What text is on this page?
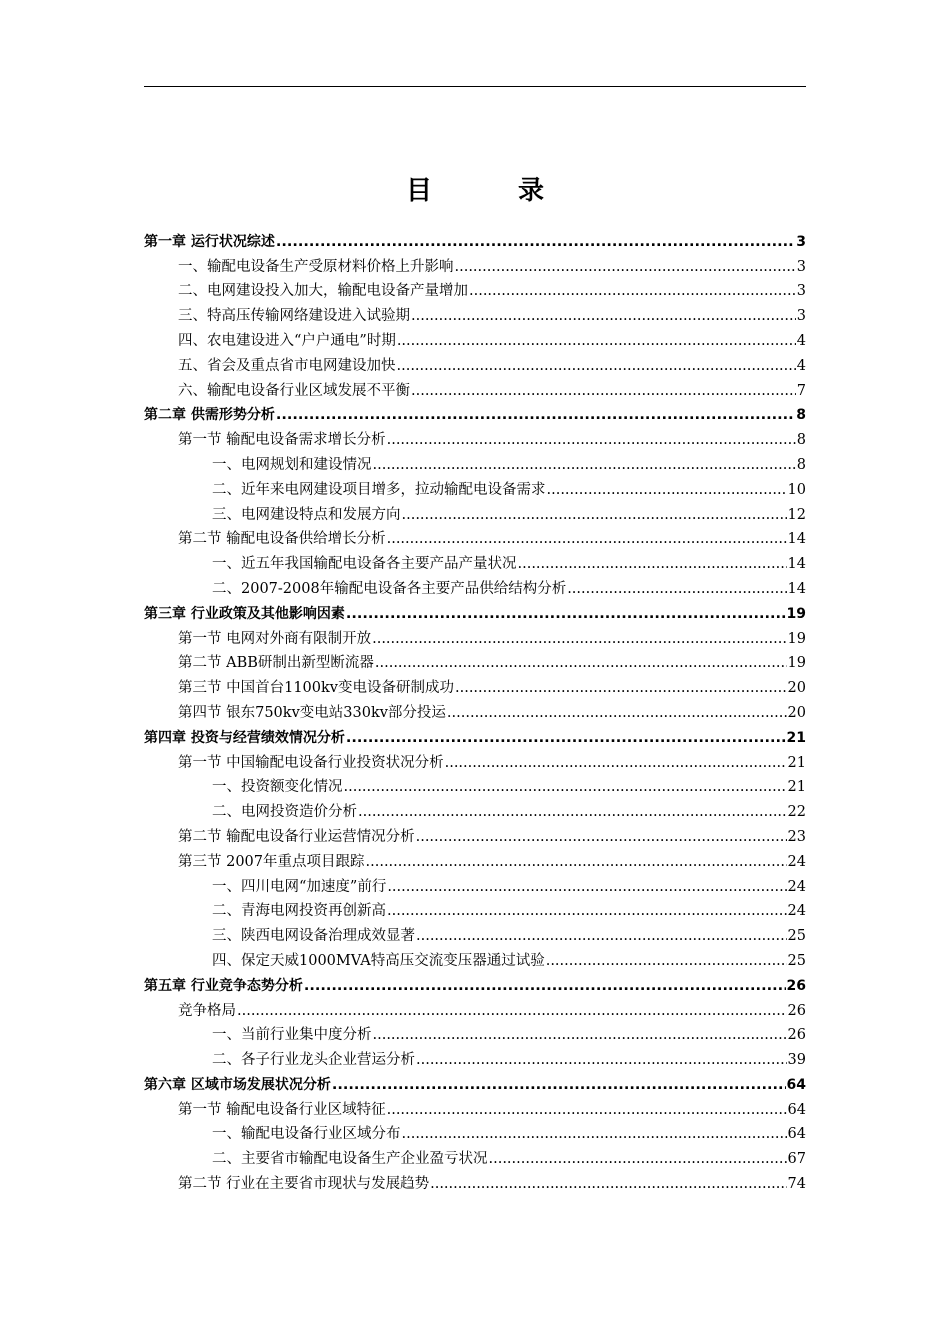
目　录
第一章 运行状况综述 .....	3
一、输配电设备生产受原材料价格上升影响 .....	3
二、电网建设投入加大，输配电设备产量增加 .....	3
三、特高压传输网络建设进入试验期 .....	3
四、农电建设进入“户户通电”时期 .....	4
五、省会及重点省市电网建设加快 .....	4
六、输配电设备行业区域发展不平衡 .....	7
第二章 供需形势分析 .....	8
第一节 输配电设备需求增长分析 .....	8
一、电网规划和建设情况 .....	8
二、近年来电网建设项目增多，拉动输配电设备需求 .....	10
三、电网建设特点和发展方向 .....	12
第二节 输配电设备供给增长分析 .....	14
一、近五年我国输配电设备各主要产品产量状况 .....	14
二、2007-2008年输配电设备各主要产品供给结构分析 .....	14
第三章 行业政策及其他影响因素 .....	19
第一节 电网对外商有限制开放 .....	19
第二节 ABB研制出新型断流器 .....	19
第三节 中国首台1100kv变电设备研制成功 .....	20
第四节 银东750kv变电站330kv部分投运 .....	20
第四章 投资与经营绩效情况分析 .....	21
第一节 中国输配电设备行业投资状况分析 .....	21
一、投资额变化情况 .....	21
二、电网投资造价分析 .....	22
第二节 输配电设备行业运营情况分析 .....	23
第三节 2007年重点项目跟踪 .....	24
一、四川电网“加速度”前行 .....	24
二、青海电网投资再创新高 .....	24
三、陕西电网设备治理成效显著 .....	25
四、保定天威1000MVA特高压交流变压器通过试验 .....	25
第五章 行业竞争态势分析 .....	26
竞争格局 .....	26
一、当前行业集中度分析 .....	26
二、各子行业龙头企业营运分析 .....	39
第六章 区域市场发展状况分析 .....	64
第一节 输配电设备行业区域特征 .....	64
一、输配电设备行业区域分布 .....	64
二、主要省市输配电设备生产企业盈亏状况 .....	67
第二节 行业在主要省市现状与发展趋势 .....	74
